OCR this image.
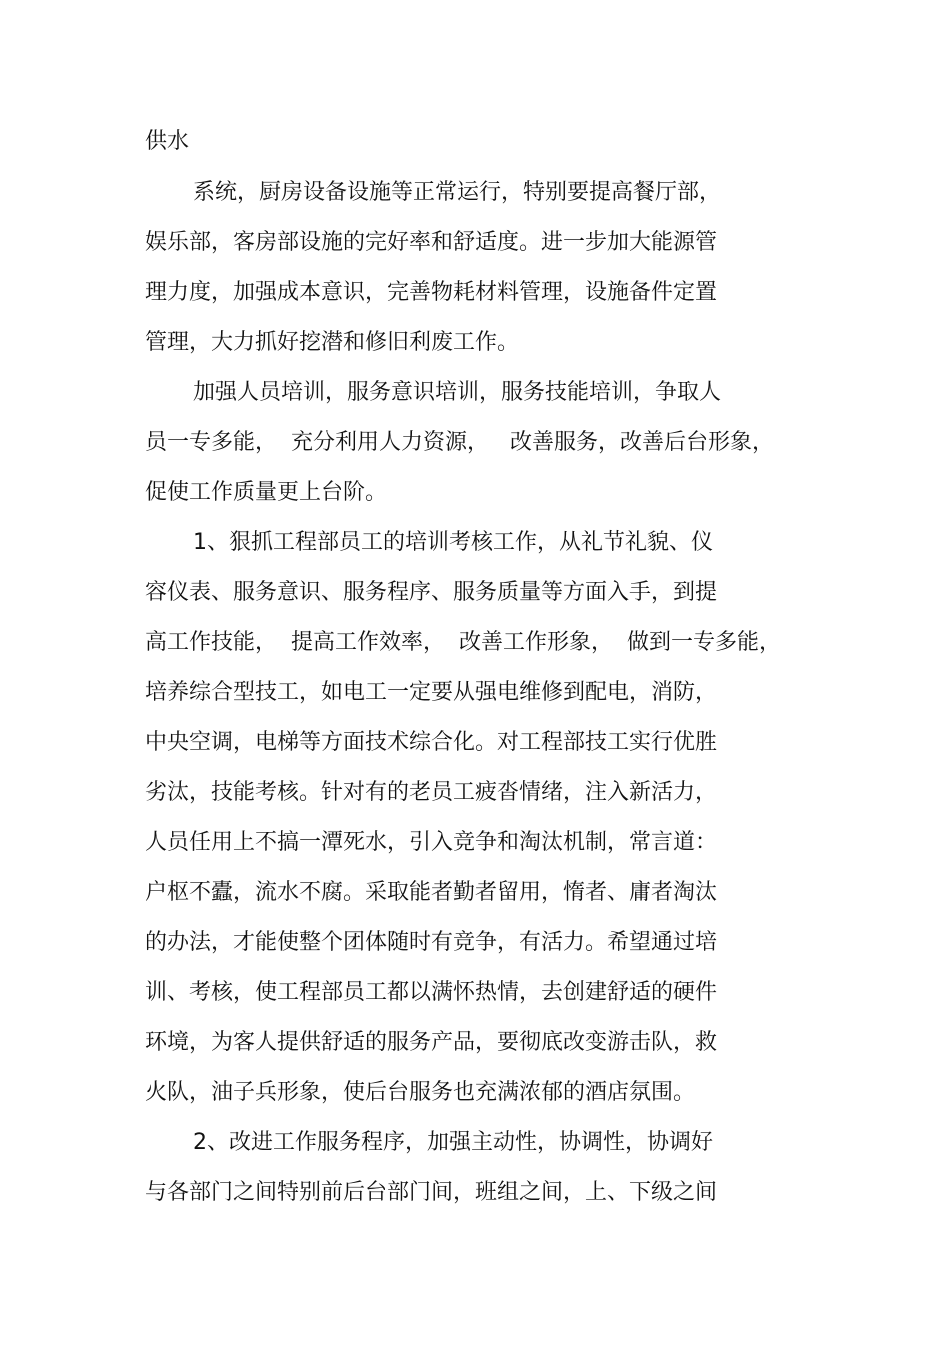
供水
系统，厨房设备设施等正常运行，特别要提高餐厅部，
娱乐部，客房部设施的完好率和舒适度。进一步加大能源管
理力度，加强成本意识，完善物耗材料管理，设施备件定置
管理，大力抓好挖潜和修旧利废工作。
加强人员培训，服务意识培训，服务技能培训，争取人
员一专多能，  充分利用人力资源，   改善服务，改善后台形象，
促使工作质量更上台阶。
1、狠抓工程部员工的培训考核工作，从礼节礼貌、仪
容仪表、服务意识、服务程序、服务质量等方面入手，到提
高工作技能，  提高工作效率，  改善工作形象，  做到一专多能，
培养综合型技工，如电工一定要从强电维修到配电，消防，
中央空调，电梯等方面技术综合化。对工程部技工实行优胜
劣汰，技能考核。针对有的老员工疲沓情绪，注入新活力，
人员任用上不搞一潭死水，引入竞争和淘汰机制，常言道：
户枢不蠹，流水不腐。采取能者勤者留用，惰者、庸者淘汰
的办法，才能使整个团体随时有竞争，有活力。希望通过培
训、考核，使工程部员工都以满怀热情，去创建舒适的硬件
环境，为客人提供舒适的服务产品，要彻底改变游击队，救
火队，油子兵形象，使后台服务也充满浓郁的酒店氛围。
2、改进工作服务程序，加强主动性，协调性，协调好
与各部门之间特别前后台部门间，班组之间，上、下级之间
